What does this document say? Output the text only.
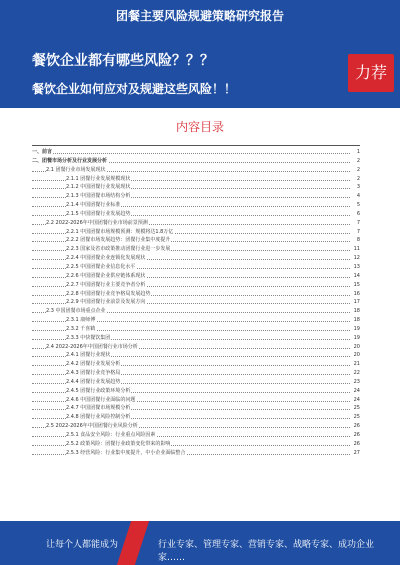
团餐主要风险规避策略研究报告
餐饮企业都有哪些风险？？？
餐饮企业如何应对及规避这些风险！！
力荐
内容目录
一、前言	1
二、团餐市场分析及行业发展分析	2
2.1 团餐行业市场发展现状	2
2.1.1 团餐行业发展规模现状	2
2.1.2 中国团餐行业发展现状	3
2.1.3 中国团餐市场结构分析	4
2.1.4 中国团餐行业标准	5
2.1.5 中国团餐行业发展趋势	6
2.2 2022-2026年中国团餐行业市场前景预测	7
2.2.1 中国团餐市场规模预测：规模将达1.8万亿	7
2.2.2 团餐市场发展趋势：团餐行业集中度提升	8
2.2.3 国家及省市政策推动团餐行业进一步发展	11
2.2.4 中国团餐企业连锁化发展现状	12
2.2.5 中国团餐企业信息化水平	13
2.2.6 中国团餐企业供应链体系现状	14
2.2.7 中国团餐行业主要竞争者分析	15
2.2.8 中国团餐行业竞争格局发展趋势	16
2.2.9 中国团餐行业前景及发展方向	17
2.3 中国团餐市场重点企业	18
2.3.1 康师傅	18
2.3.2 千喜鹤	19
2.3.3 中快餐饮集团	19
2.4 2022-2026年中国团餐行业市场分析	20
2.4.1 团餐行业现状	20
2.4.2 团餐行业发展分析	21
2.4.3 团餐行业竞争格局	22
2.4.4 团餐行业发展趋势	23
2.4.5 团餐行业政策环境分析	24
2.4.6 中国团餐行业面临的问题	24
2.4.7 中国团餐市场规模分析	25
2.4.8 团餐行业风险控制分析	25
2.5 2022-2026年中国团餐行业风险分析	26
2.5.1 食品安全风险：行业重点风险因素	26
2.5.2 政策风险：团餐行业政策变化带来的影响	26
2.5.3 经营风险：行业集中度提升，中小企业面临整合	27
让每个人都能成为	行业专家、管理专家、营销专家、战略专家、成功企业家……
